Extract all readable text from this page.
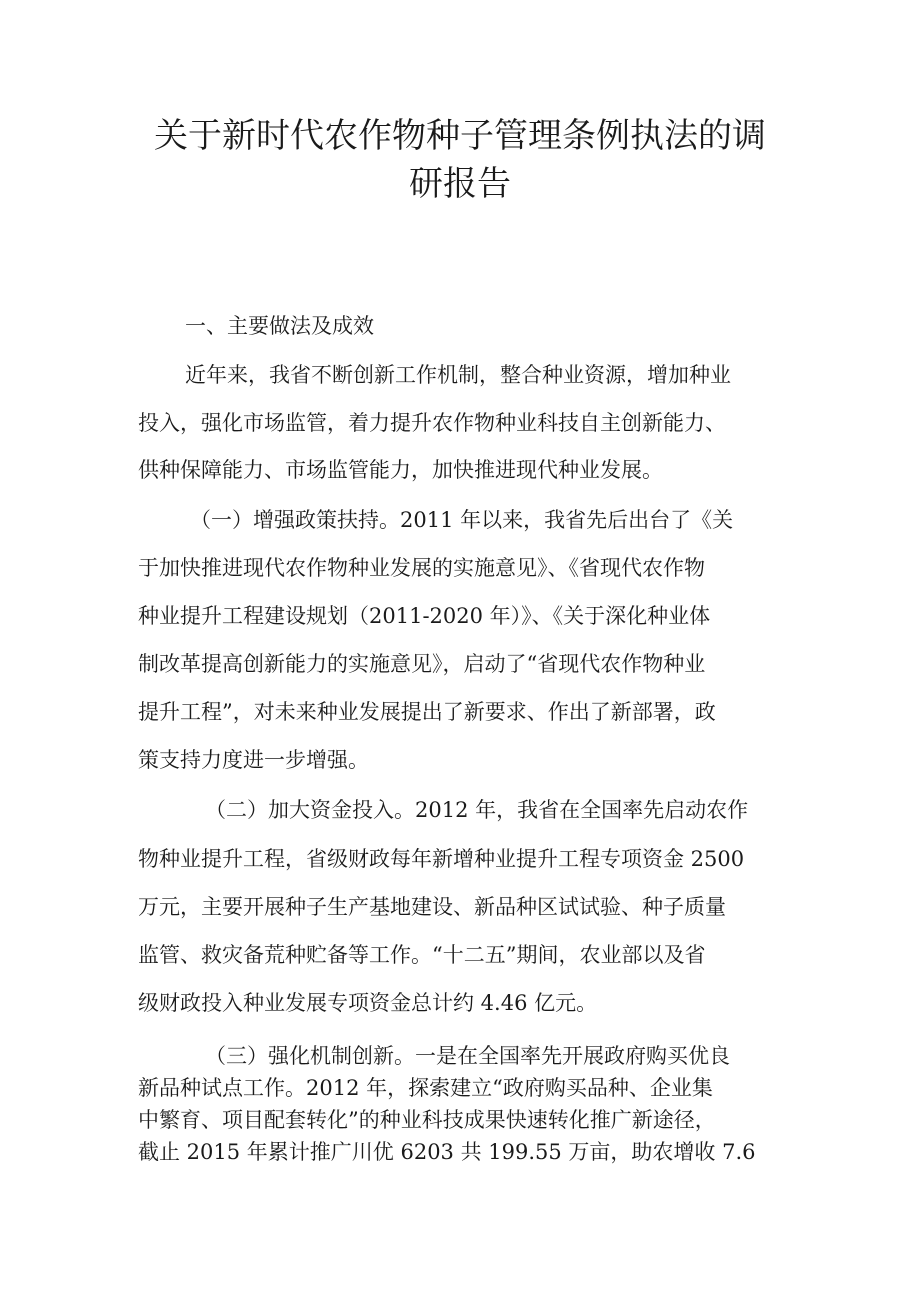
关于新时代农作物种子管理条例执法的调
研报告
一、主要做法及成效
近年来，我省不断创新工作机制，整合种业资源，增加种业
投入，强化市场监管，着力提升农作物种业科技自主创新能力、
供种保障能力、市场监管能力，加快推进现代种业发展。
（一）增强政策扶持。2011 年以来，我省先后出台了《关
于加快推进现代农作物种业发展的实施意见》、《省现代农作物
种业提升工程建设规划（2011-2020 年）》、《关于深化种业体
制改革提高创新能力的实施意见》，启动了“省现代农作物种业
提升工程”，对未来种业发展提出了新要求、作出了新部署，政
策支持力度进一步增强。
（二）加大资金投入。2012 年，我省在全国率先启动农作
物种业提升工程，省级财政每年新增种业提升工程专项资金 2500
万元，主要开展种子生产基地建设、新品种区试试验、种子质量
监管、救灾备荒种贮备等工作。“十二五”期间，农业部以及省
级财政投入种业发展专项资金总计约 4.46 亿元。
（三）强化机制创新。一是在全国率先开展政府购买优良
新品种试点工作。2012 年，探索建立“政府购买品种、企业集
中繁育、项目配套转化”的种业科技成果快速转化推广新途径，
截止 2015 年累计推广川优 6203 共 199.55 万亩，助农增收 7.6
